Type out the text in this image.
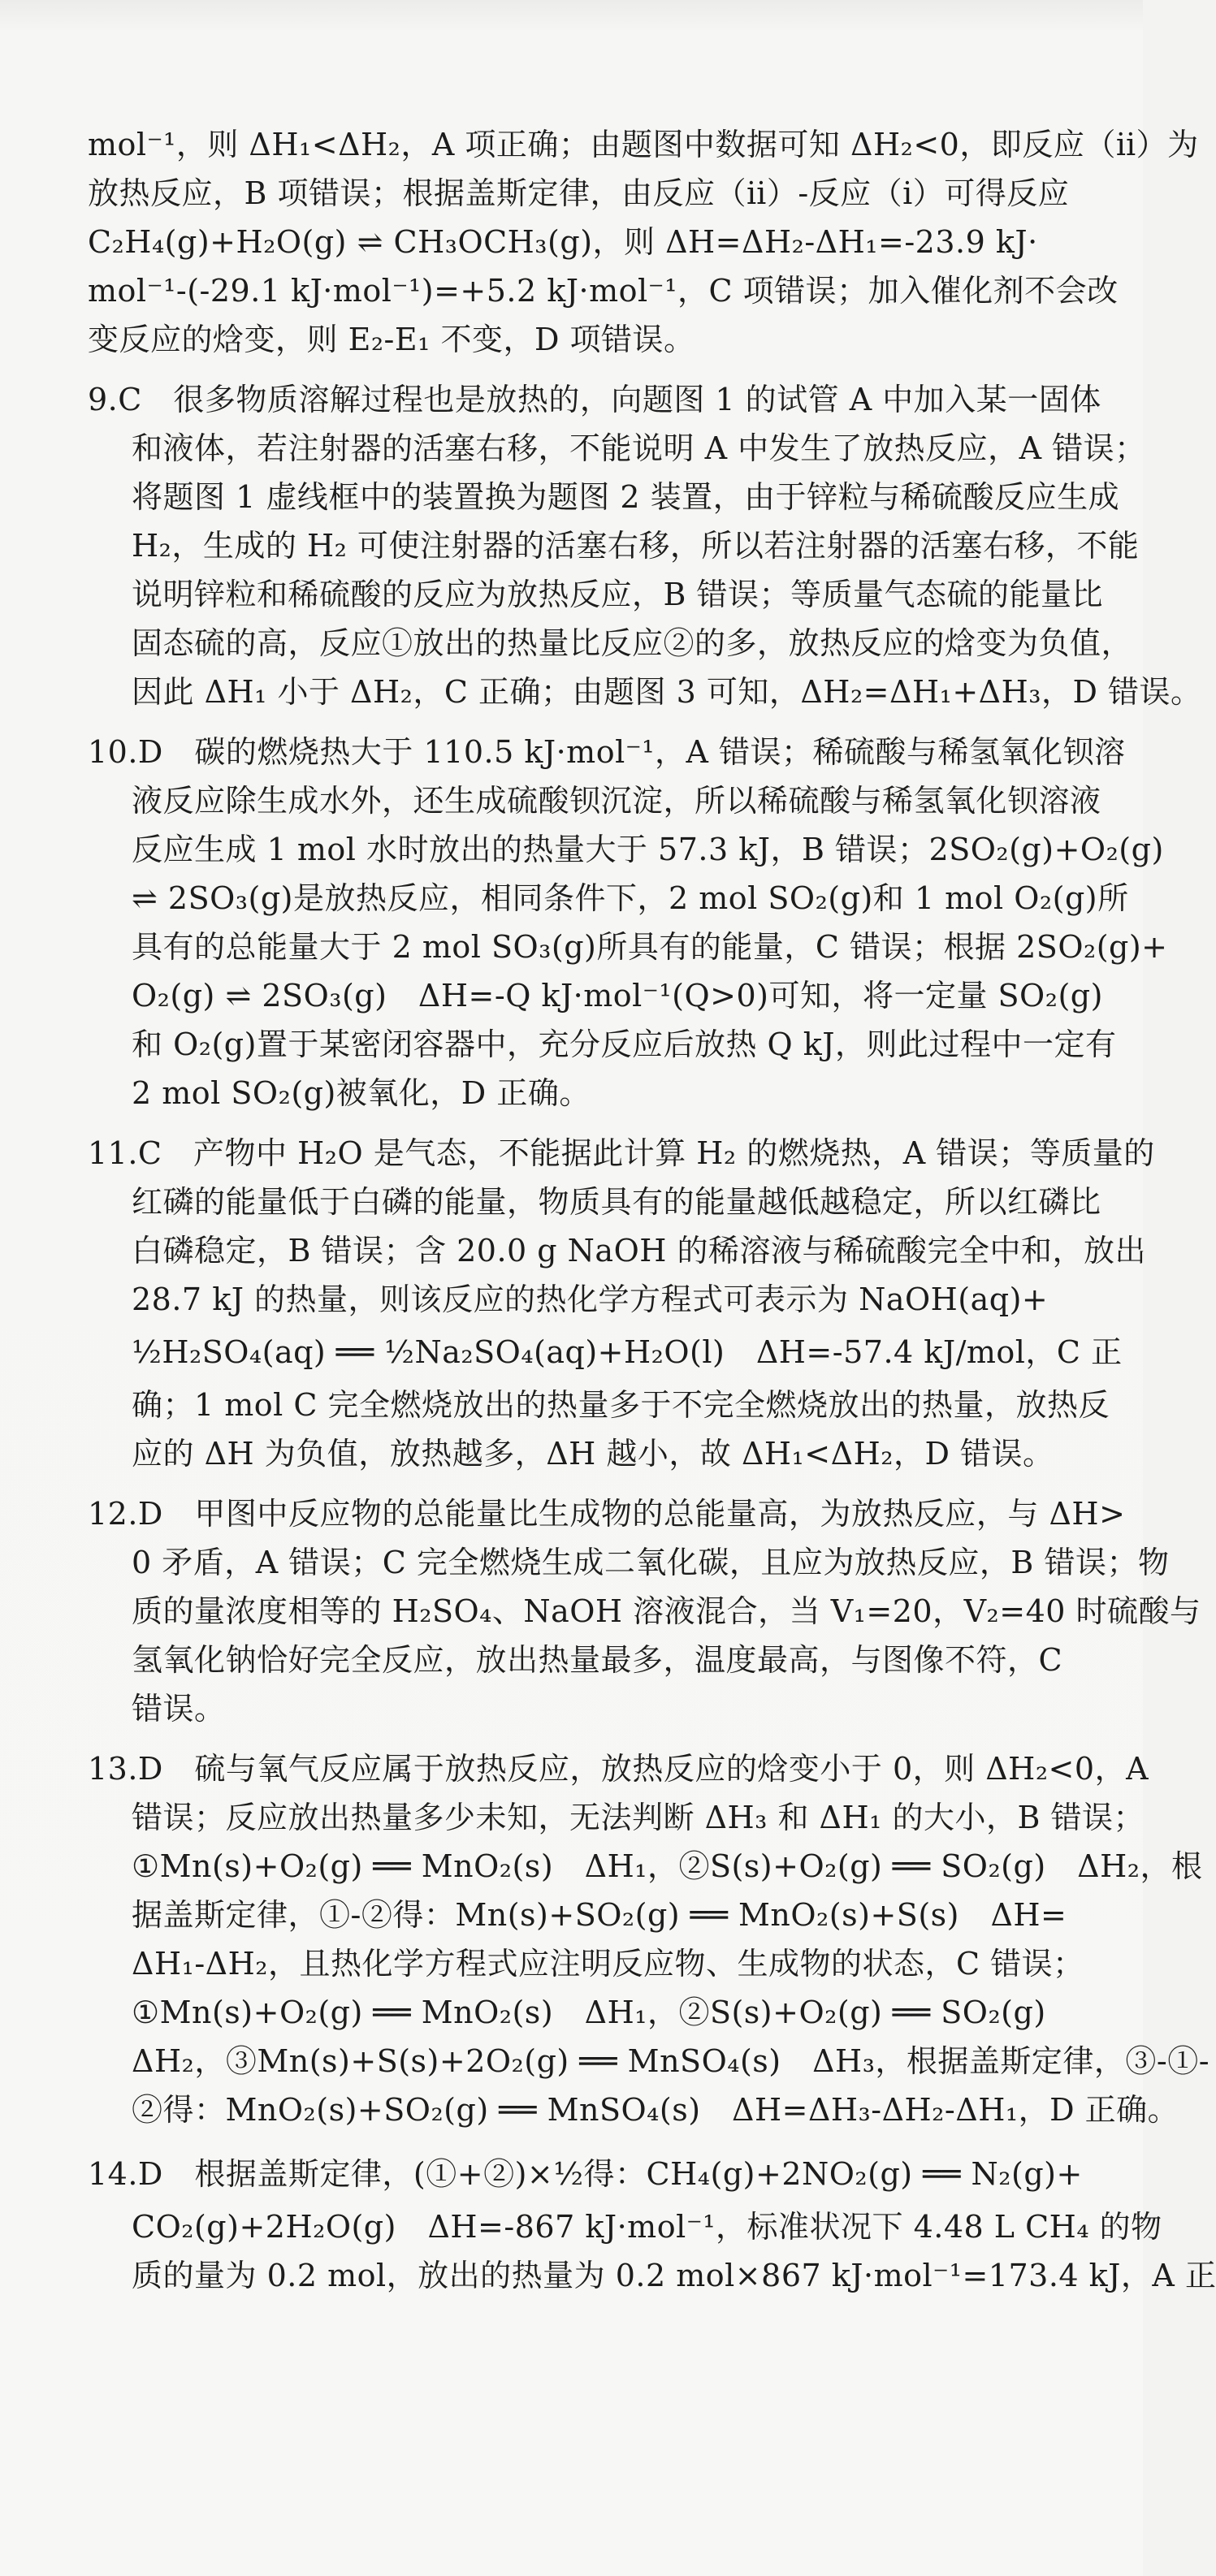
mol⁻¹，则 ΔH₁<ΔH₂，A 项正确；由题图中数据可知 ΔH₂<0，即反应（ⅱ）为
放热反应，B 项错误；根据盖斯定律，由反应（ⅱ）-反应（ⅰ）可得反应
C₂H₄(g)+H₂O(g) ⇌ CH₃OCH₃(g)，则 ΔH=ΔH₂-ΔH₁=-23.9 kJ·
mol⁻¹-(-29.1 kJ·mol⁻¹)=+5.2 kJ·mol⁻¹，C 项错误；加入催化剂不会改
变反应的焓变，则 E₂-E₁ 不变，D 项错误。
9.C　很多物质溶解过程也是放热的，向题图 1 的试管 A 中加入某一固体
和液体，若注射器的活塞右移，不能说明 A 中发生了放热反应，A 错误；
将题图 1 虚线框中的装置换为题图 2 装置，由于锌粒与稀硫酸反应生成
H₂，生成的 H₂ 可使注射器的活塞右移，所以若注射器的活塞右移，不能
说明锌粒和稀硫酸的反应为放热反应，B 错误；等质量气态硫的能量比
固态硫的高，反应①放出的热量比反应②的多，放热反应的焓变为负值，
因此 ΔH₁ 小于 ΔH₂，C 正确；由题图 3 可知，ΔH₂=ΔH₁+ΔH₃，D 错误。
10.D　碳的燃烧热大于 110.5 kJ·mol⁻¹，A 错误；稀硫酸与稀氢氧化钡溶
液反应除生成水外，还生成硫酸钡沉淀，所以稀硫酸与稀氢氧化钡溶液
反应生成 1 mol 水时放出的热量大于 57.3 kJ，B 错误；2SO₂(g)+O₂(g)
⇌ 2SO₃(g)是放热反应，相同条件下，2 mol SO₂(g)和 1 mol O₂(g)所
具有的总能量大于 2 mol SO₃(g)所具有的能量，C 错误；根据 2SO₂(g)+
O₂(g) ⇌ 2SO₃(g)　ΔH=-Q kJ·mol⁻¹(Q>0)可知，将一定量 SO₂(g)
和 O₂(g)置于某密闭容器中，充分反应后放热 Q kJ，则此过程中一定有
2 mol SO₂(g)被氧化，D 正确。
11.C　产物中 H₂O 是气态，不能据此计算 H₂ 的燃烧热，A 错误；等质量的
红磷的能量低于白磷的能量，物质具有的能量越低越稳定，所以红磷比
白磷稳定，B 错误；含 20.0 g NaOH 的稀溶液与稀硫酸完全中和，放出
28.7 kJ 的热量，则该反应的热化学方程式可表示为 NaOH(aq)+
½H₂SO₄(aq) ══ ½Na₂SO₄(aq)+H₂O(l)　ΔH=-57.4 kJ/mol，C 正
确；1 mol C 完全燃烧放出的热量多于不完全燃烧放出的热量，放热反
应的 ΔH 为负值，放热越多，ΔH 越小，故 ΔH₁<ΔH₂，D 错误。
12.D　甲图中反应物的总能量比生成物的总能量高，为放热反应，与 ΔH>
0 矛盾，A 错误；C 完全燃烧生成二氧化碳，且应为放热反应，B 错误；物
质的量浓度相等的 H₂SO₄、NaOH 溶液混合，当 V₁=20，V₂=40 时硫酸与
氢氧化钠恰好完全反应，放出热量最多，温度最高，与图像不符，C
错误。
13.D　硫与氧气反应属于放热反应，放热反应的焓变小于 0，则 ΔH₂<0，A
错误；反应放出热量多少未知，无法判断 ΔH₃ 和 ΔH₁ 的大小，B 错误；
①Mn(s)+O₂(g) ══ MnO₂(s)　ΔH₁，②S(s)+O₂(g) ══ SO₂(g)　ΔH₂，根
据盖斯定律，①-②得：Mn(s)+SO₂(g) ══ MnO₂(s)+S(s)　ΔH=
ΔH₁-ΔH₂，且热化学方程式应注明反应物、生成物的状态，C 错误；
①Mn(s)+O₂(g) ══ MnO₂(s)　ΔH₁，②S(s)+O₂(g) ══ SO₂(g)
ΔH₂，③Mn(s)+S(s)+2O₂(g) ══ MnSO₄(s)　ΔH₃，根据盖斯定律，③-①-
②得：MnO₂(s)+SO₂(g) ══ MnSO₄(s)　ΔH=ΔH₃-ΔH₂-ΔH₁，D 正确。
14.D　根据盖斯定律，(①+②)×½得：CH₄(g)+2NO₂(g) ══ N₂(g)+
CO₂(g)+2H₂O(g)　ΔH=-867 kJ·mol⁻¹，标准状况下 4.48 L CH₄ 的物
质的量为 0.2 mol，放出的热量为 0.2 mol×867 kJ·mol⁻¹=173.4 kJ，A 正
